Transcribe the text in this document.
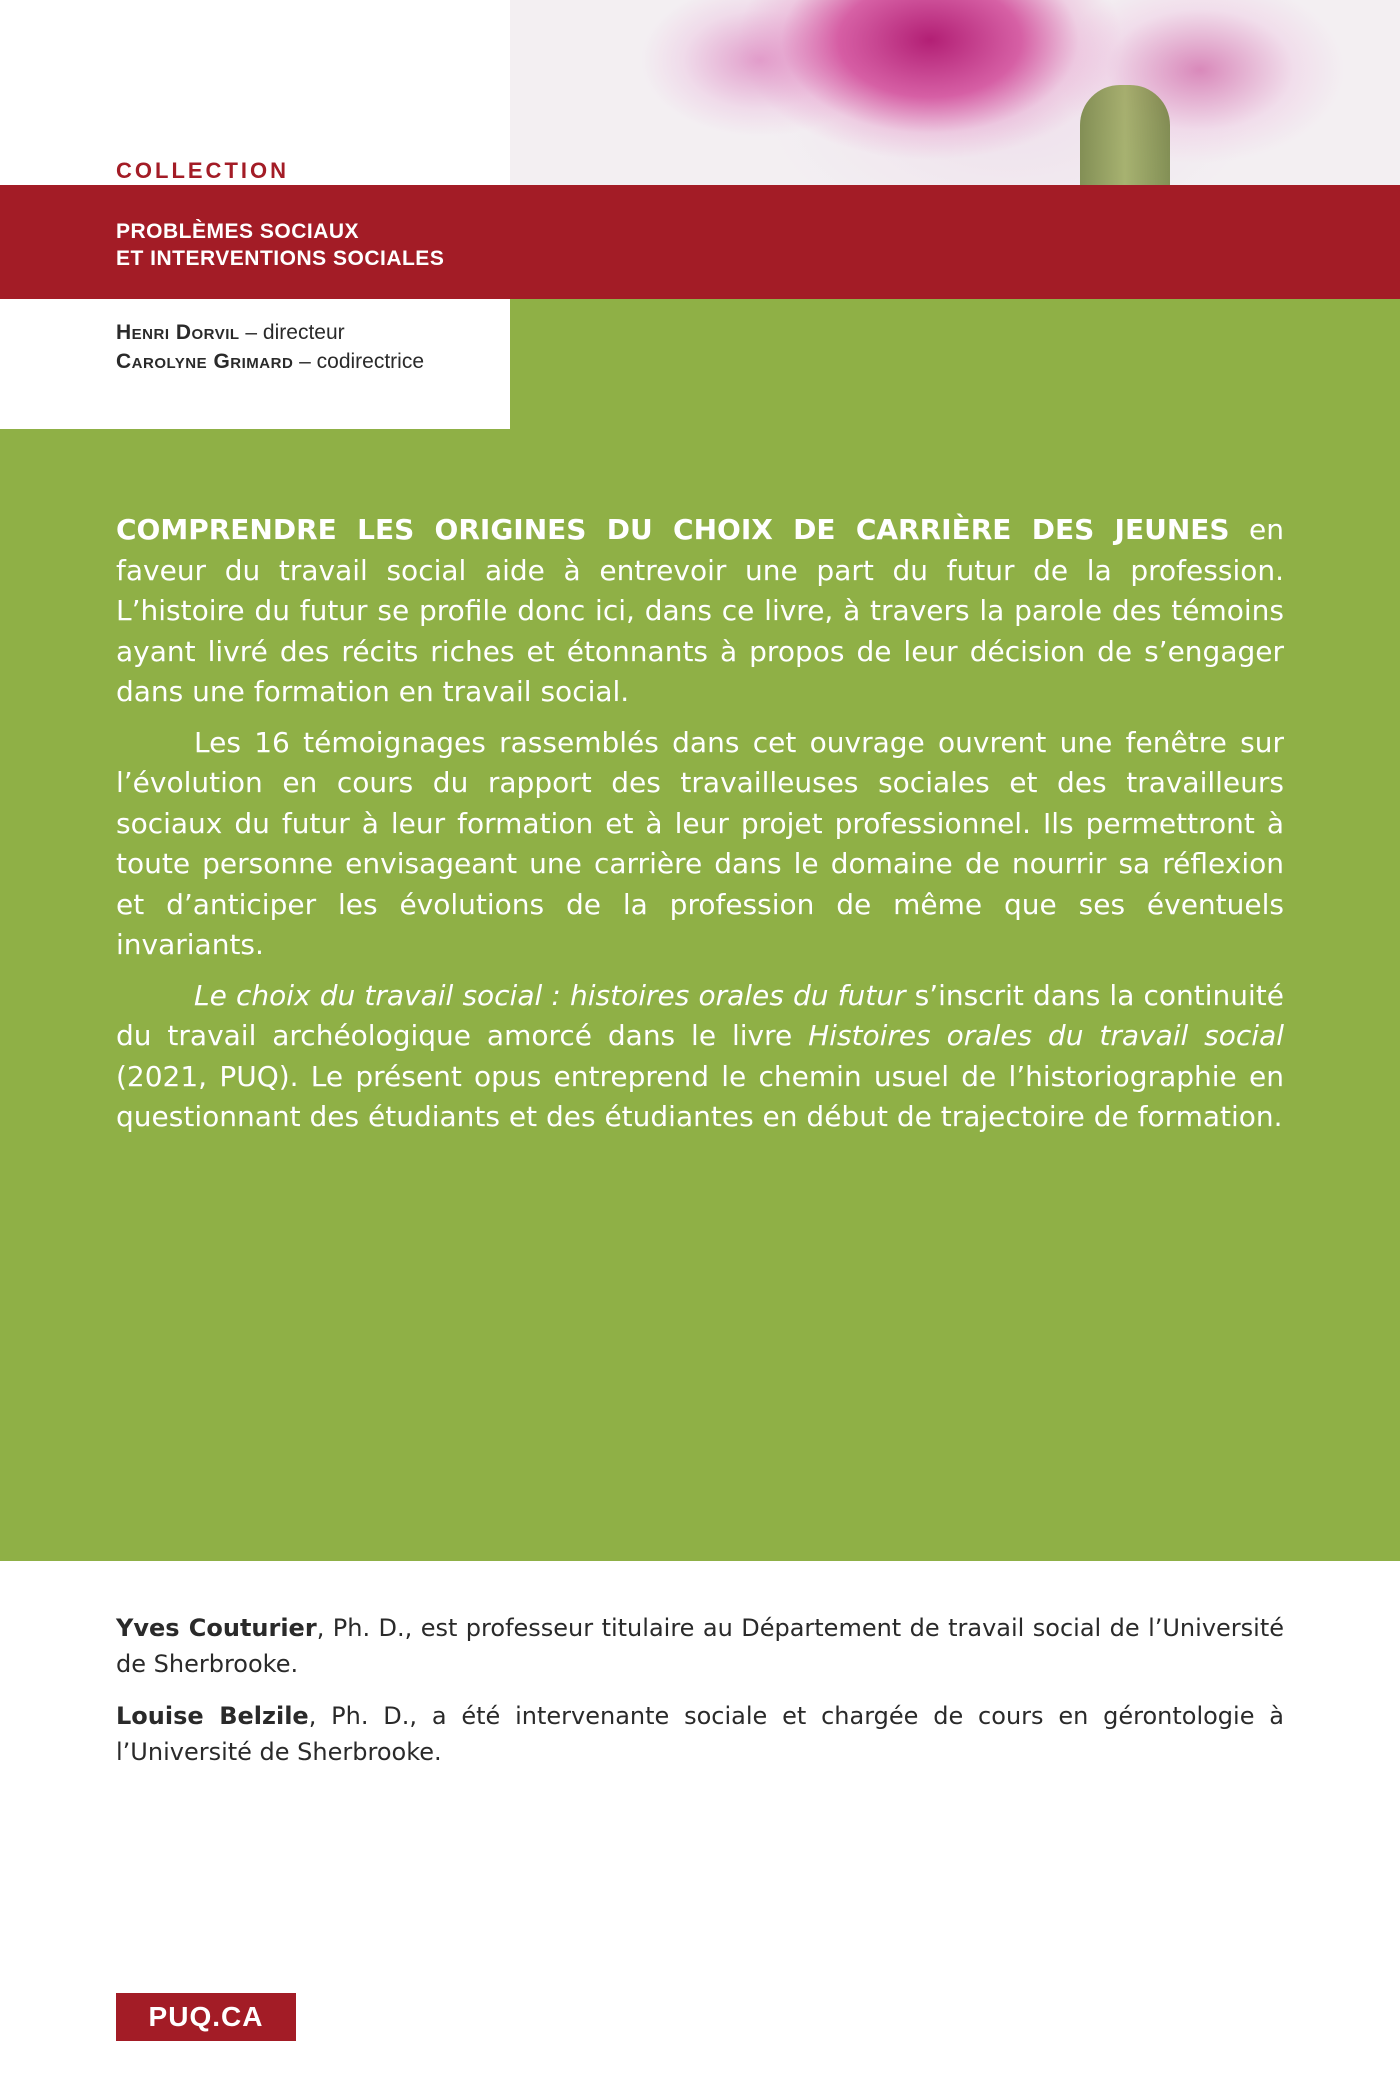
COLLECTION

PROBLÈMES SOCIAUX
ET INTERVENTIONS SOCIALES

Henri Dorvil – directeur
Carolyne Grimard – codirectrice

COMPRENDRE LES ORIGINES DU CHOIX DE CARRIÈRE DES JEUNES en faveur du travail social aide à entrevoir une part du futur de la profession. L’histoire du futur se profile donc ici, dans ce livre, à travers la parole des témoins ayant livré des récits riches et étonnants à propos de leur décision de s’engager dans une formation en travail social.

Les 16 témoignages rassemblés dans cet ouvrage ouvrent une fenêtre sur l’évolution en cours du rapport des travailleuses sociales et des travailleurs sociaux du futur à leur formation et à leur projet professionnel. Ils permettront à toute personne envisageant une carrière dans le domaine de nourrir sa réflexion et d’anticiper les évolutions de la profession de même que ses éventuels invariants.

Le choix du travail social : histoires orales du futur s’inscrit dans la continuité du travail archéologique amorcé dans le livre Histoires orales du travail social (2021, PUQ). Le présent opus entreprend le chemin usuel de l’historiographie en questionnant des étudiants et des étudiantes en début de trajectoire de formation.

Yves Couturier, Ph. D., est professeur titulaire au Département de travail social de l’Université de Sherbrooke.

Louise Belzile, Ph. D., a été intervenante sociale et chargée de cours en gérontologie à l’Université de Sherbrooke.

PUQ.CA
